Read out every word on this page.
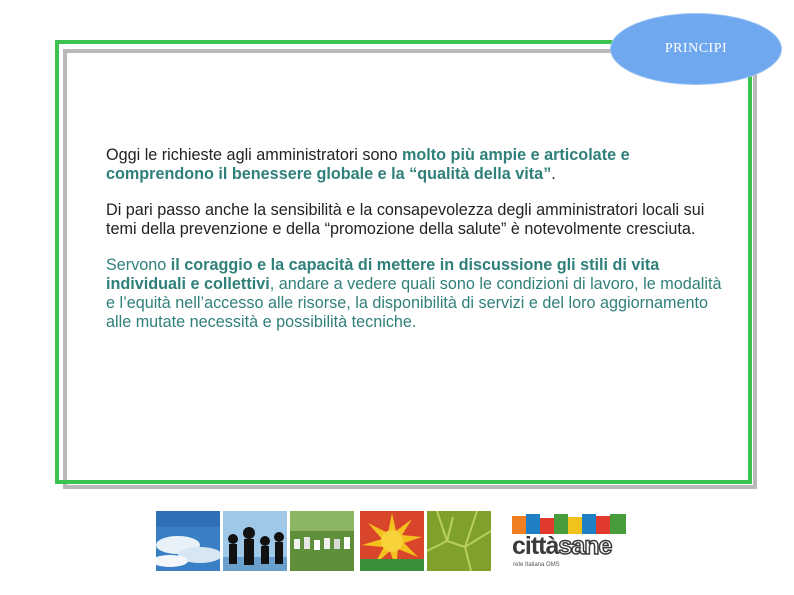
PRINCIPI

Oggi le richieste agli amministratori sono molto più ampie e articolate e comprendono il benessere globale e la “qualità della vita”.

Di pari passo anche la sensibilità e la consapevolezza degli amministratori locali sui temi della prevenzione e della “promozione della salute” è notevolmente cresciuta.

Servono il coraggio e la capacità di mettere in discussione gli stili di vita individuali e collettivi, andare a vedere quali sono le condizioni di lavoro, le modalità e l’equità nell’accesso alle risorse, la disponibilità di servizi e del loro aggiornamento alle mutate necessità e possibilità tecniche.

cittàsane
rete Italiana OMS
